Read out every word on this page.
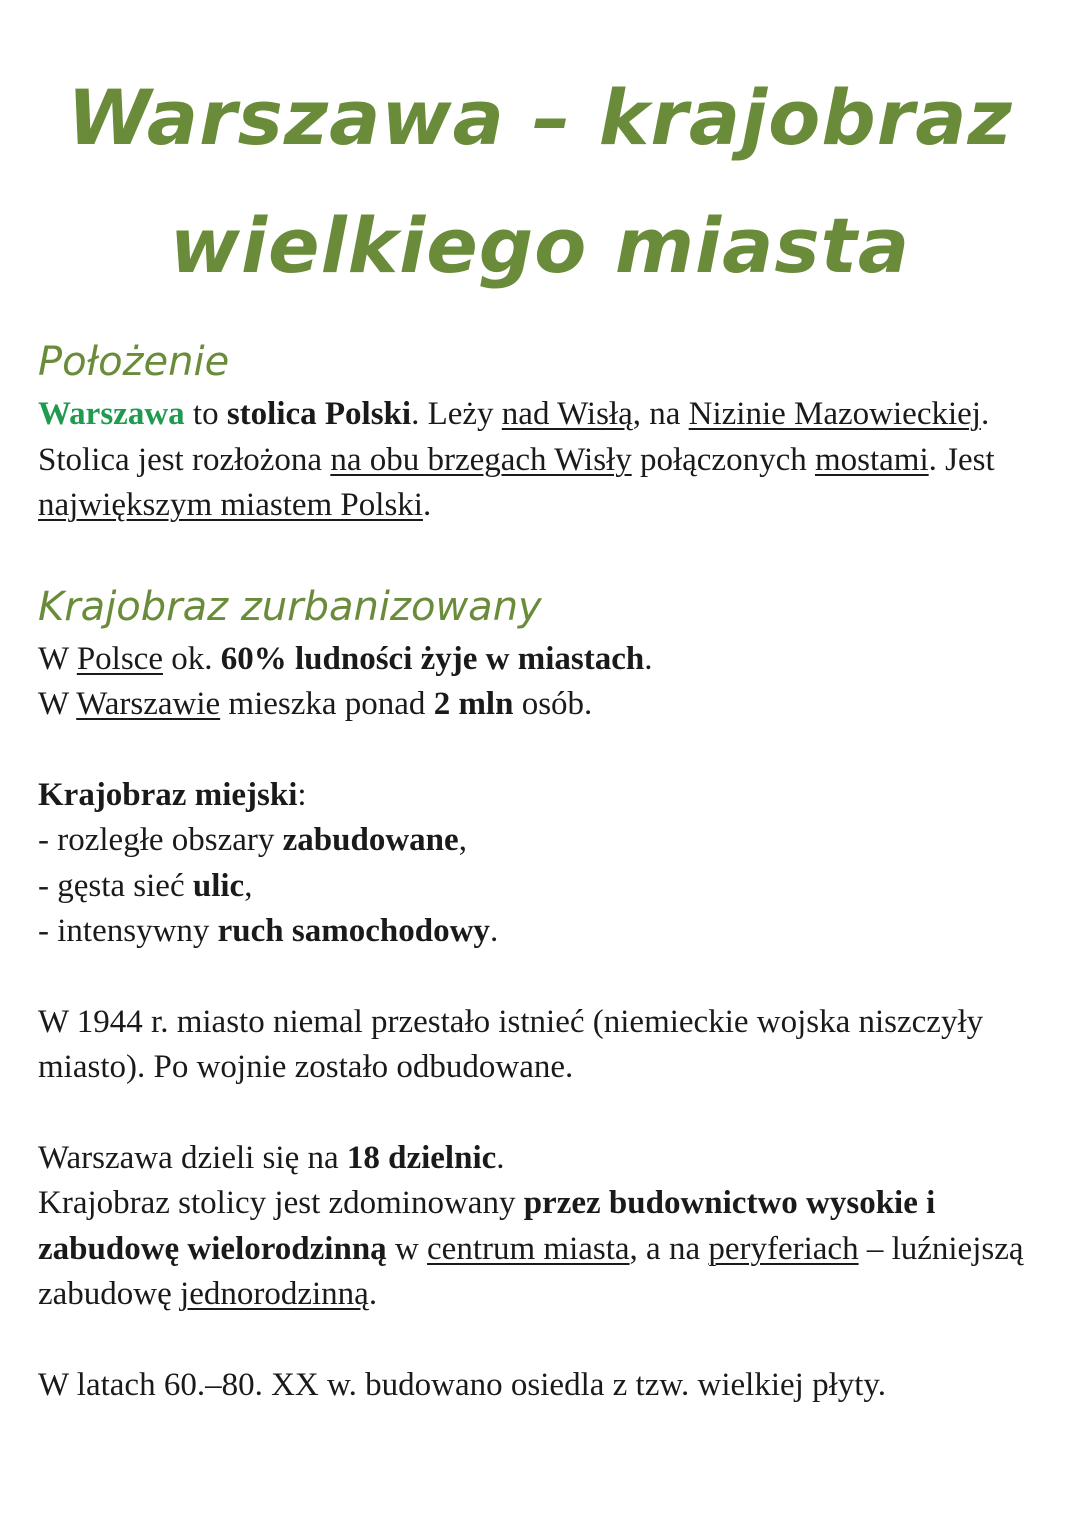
Warszawa – krajobraz
wielkiego miasta
Położenie

Warszawa to stolica Polski. Leży nad Wisłą, na Nizinie Mazowieckiej. Stolica jest rozłożona na obu brzegach Wisły połączonych mostami. Jest największym miastem Polski.

Krajobraz zurbanizowany

W Polsce ok. 60% ludności żyje w miastach.

W Warszawie mieszka ponad 2 mln osób.

Krajobraz miejski:
- rozległe obszary zabudowane,
- gęsta sieć ulic,
- intensywny ruch samochodowy.

W 1944 r. miasto niemal przestało istnieć (niemieckie wojska niszczyły miasto). Po wojnie zostało odbudowane.

Warszawa dzieli się na 18 dzielnic.

Krajobraz stolicy jest zdominowany przez budownictwo wysokie i zabudowę wielorodzinną w centrum miasta, a na peryferiach – luźniejszą zabudowę jednorodzinną.

W latach 60.–80. XX w. budowano osiedla z tzw. wielkiej płyty.
